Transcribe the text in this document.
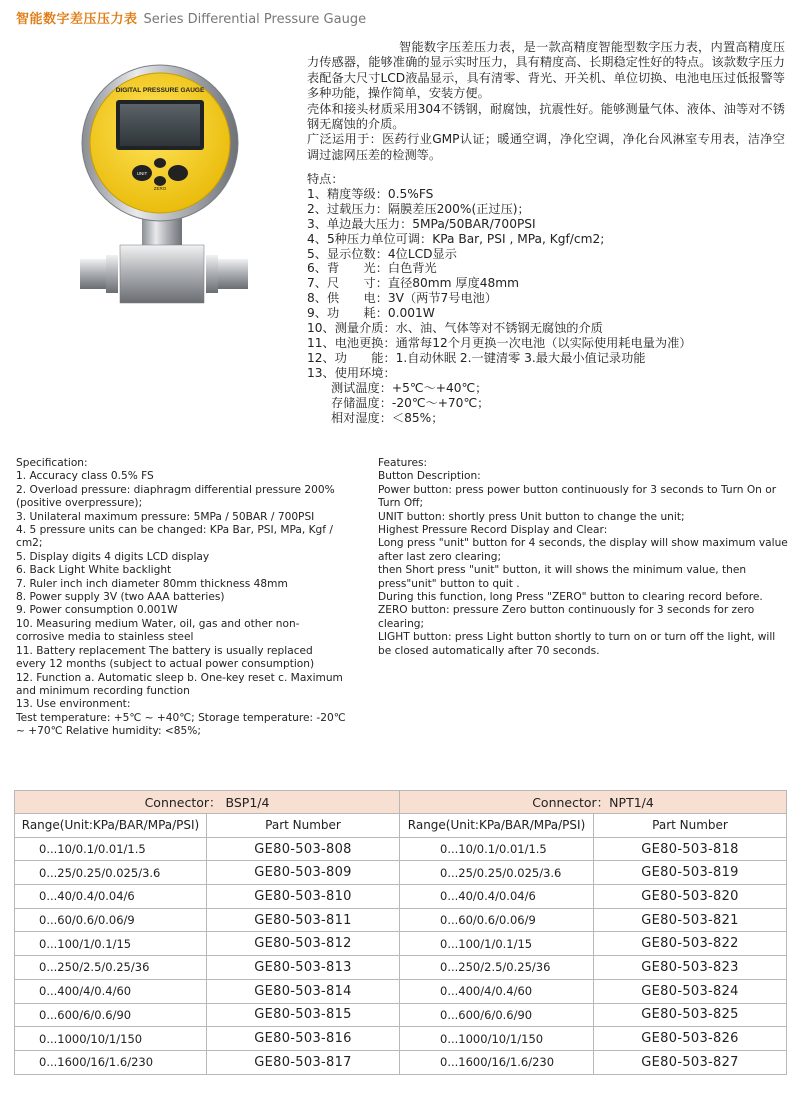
智能数字差压压力表 Series Differential Pressure Gauge
DIGITAL PRESSURE GAUGE
UNIT
ZERO

智能数字压差压力表，是一款高精度智能型数字压力表，内置高精度压力传感器，能够准确的显示实时压力，具有精度高、长期稳定性好的特点。该款数字压力表配备大尺寸LCD液晶显示，具有清零、背光、开关机、单位切换、电池电压过低报警等多种功能，操作简单，安装方便。

壳体和接头材质采用304不锈钢，耐腐蚀，抗震性好。能够测量气体、液体、油等对不锈钢无腐蚀的介质。

广泛运用于：医药行业GMP认证；暖通空调，净化空调，净化台风淋室专用表，洁净空调过滤网压差的检测等。

特点：
1、精度等级：0.5%FS
2、过载压力：隔膜差压200%(正过压)；
3、单边最大压力：5MPa/50BAR/700PSI
4、5种压力单位可调：KPa Bar, PSI , MPa, Kgf/cm2;
5、显示位数：4位LCD显示
6、背　　光：白色背光
7、尺　　寸：直径80mm 厚度48mm
8、供　　电：3V（两节7号电池）
9、功　　耗：0.001W
10、测量介质：水、油、气体等对不锈钢无腐蚀的介质
11、电池更换：通常每12个月更换一次电池（以实际使用耗电量为准）
12、功　　能：1.自动休眠 2.一键清零 3.最大最小值记录功能
13、使用环境：
测试温度：+5℃～+40℃；
存储温度：-20℃～+70℃；
相对湿度：＜85%；
Specification:
1. Accuracy class 0.5% FS
2. Overload pressure: diaphragm differential pressure 200% (positive overpressure);
3. Unilateral maximum pressure: 5MPa / 50BAR / 700PSI
4. 5 pressure units can be changed: KPa Bar, PSI, MPa, Kgf / cm2;
5. Display digits 4 digits LCD display
6. Back Light White backlight
7. Ruler inch inch diameter 80mm thickness 48mm
8. Power supply 3V (two AAA batteries)
9. Power consumption 0.001W
10. Measuring medium Water, oil, gas and other non-corrosive media to stainless steel
11. Battery replacement The battery is usually replaced every 12 months (subject to actual power consumption)
12. Function a. Automatic sleep b. One-key reset c. Maximum and minimum recording function
13. Use environment:
Test temperature: +5℃ ~ +40℃; Storage temperature: -20℃ ~ +70℃ Relative humidity: <85%;
Features:
Button Description:
Power button: press power button continuously for 3 seconds to Turn On or Turn Off;
UNIT button: shortly press Unit button to change the unit;
Highest Pressure Record Display and Clear:
Long press "unit" button for 4 seconds, the display will show maximum value after last zero clearing;
then Short press "unit" button, it will shows the minimum value, then press"unit" button to quit .
During this function, long Press "ZERO" button to clearing record before.
ZERO button: pressure Zero button continuously for 3 seconds for zero clearing;
LIGHT button: press Light button shortly to turn on or turn off the light, will be closed automatically after 70 seconds.
Connector： BSP1/4		Connector：NPT1/4	
Range(Unit:KPa/BAR/MPa/PSI)	Part Number	Range(Unit:KPa/BAR/MPa/PSI)	Part Number
0...10/0.1/0.01/1.5	GE80-503-808	0...10/0.1/0.01/1.5	GE80-503-818
0...25/0.25/0.025/3.6	GE80-503-809	0...25/0.25/0.025/3.6	GE80-503-819
0...40/0.4/0.04/6	GE80-503-810	0...40/0.4/0.04/6	GE80-503-820
0...60/0.6/0.06/9	GE80-503-811	0...60/0.6/0.06/9	GE80-503-821
0...100/1/0.1/15	GE80-503-812	0...100/1/0.1/15	GE80-503-822
0...250/2.5/0.25/36	GE80-503-813	0...250/2.5/0.25/36	GE80-503-823
0...400/4/0.4/60	GE80-503-814	0...400/4/0.4/60	GE80-503-824
0...600/6/0.6/90	GE80-503-815	0...600/6/0.6/90	GE80-503-825
0...1000/10/1/150	GE80-503-816	0...1000/10/1/150	GE80-503-826
0...1600/16/1.6/230	GE80-503-817	0...1600/16/1.6/230	GE80-503-827
